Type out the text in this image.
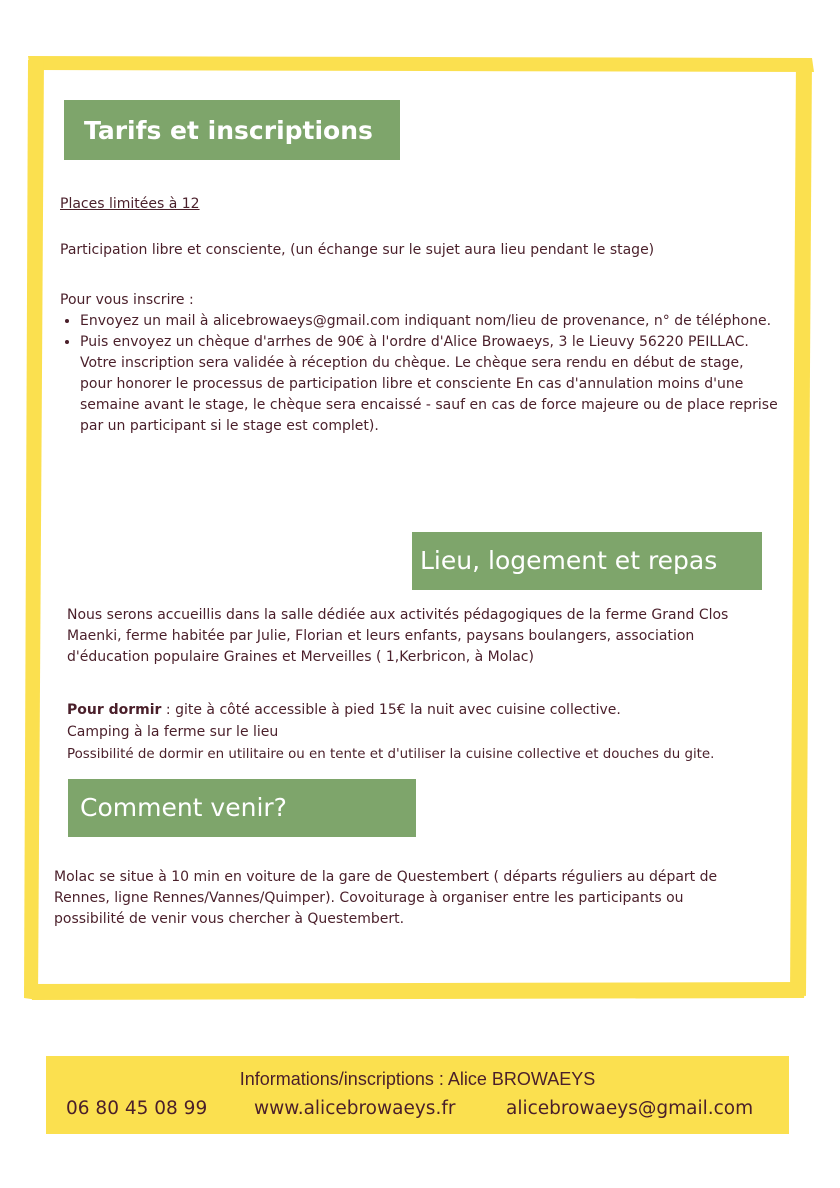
Tarifs et inscriptions

Places limitées à 12

Participation libre et consciente, (un échange sur le sujet aura lieu pendant le stage)

Pour vous inscrire :

• Envoyez un mail à alicebrowaeys@gmail.com indiquant nom/lieu de provenance, n° de téléphone.
• Puis envoyez un chèque d'arrhes de 90€ à l'ordre d'Alice Browaeys, 3 le Lieuvy 56220 PEILLAC. Votre inscription sera validée à réception du chèque. Le chèque sera rendu en début de stage, pour honorer le processus de participation libre et consciente En cas d'annulation moins d'une semaine avant le stage, le chèque sera encaissé - sauf en cas de force majeure ou de place reprise par un participant si le stage est complet).
Lieu, logement et repas

Nous serons accueillis dans la salle dédiée aux activités pédagogiques de la ferme Grand Clos Maenki, ferme habitée par Julie, Florian et leurs enfants, paysans boulangers, association d'éducation populaire Graines et Merveilles ( 1,Kerbricon, à Molac)

Pour dormir : gite à côté accessible à pied 15€ la nuit avec cuisine collective.

Camping à la ferme sur le lieu

Possibilité de dormir en utilitaire ou en tente et d'utiliser la cuisine collective et douches du gite.

Comment venir?

Molac se situe à 10 min en voiture de la gare de Questembert ( départs réguliers au départ de Rennes, ligne Rennes/Vannes/Quimper). Covoiturage à organiser entre les participants ou possibilité de venir vous chercher à Questembert.

Informations/inscriptions : Alice BROWAEYS
06 80 45 08 99	www.alicebrowaeys.fr	alicebrowaeys@gmail.com
